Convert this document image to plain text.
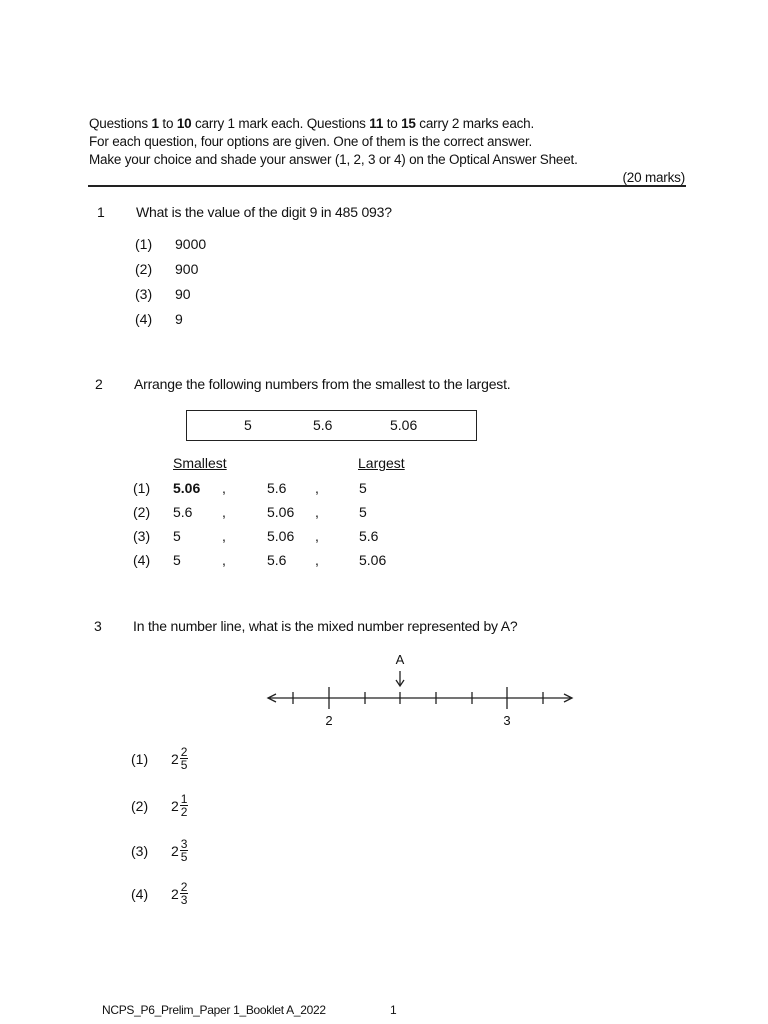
Questions 1 to 10 carry 1 mark each. Questions 11 to 15 carry 2 marks each.

For each question, four options are given. One of them is the correct answer.

Make your choice and shade your answer (1, 2, 3 or 4) on the Optical Answer Sheet.

(20 marks)

1 What is the value of the digit 9 in 485 093?
(1)	9000
(2)	900
(3)	90
(4)	9
2 Arrange the following numbers from the smallest to the largest.
5	5.6	5.06
Smallest	Largest
(1) 5.06 ,	5.6 ,	5
(2) 5.6 ,	5.06 ,	5
(3) 5	,	5.06 ,	5.6
(4) 5	,	5.6 ,	5.06
3 In the number line, what is the mixed number represented by A?
A
2	3
(1)	2 2
5
(2)	2 1
2
(3)	2 3
5
(4)	2 2
3
NCPS_P6_Prelim_Paper 1_Booklet A_2022	1
